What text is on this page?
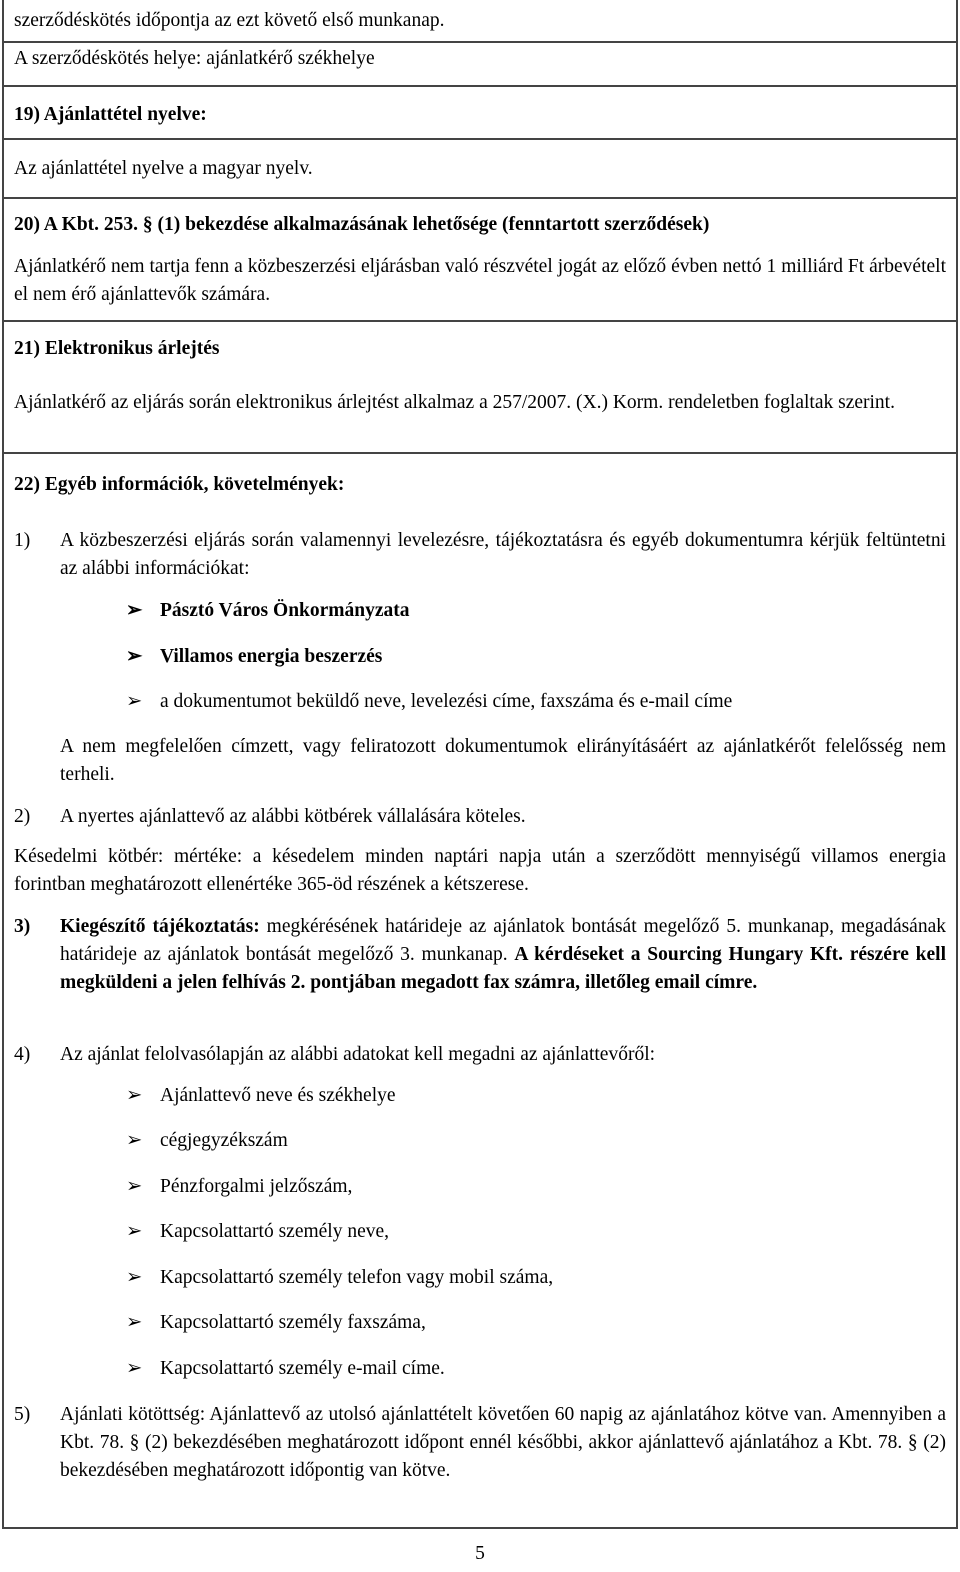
szerződéskötés időpontja az ezt követő első munkanap.
A szerződéskötés helye: ajánlatkérő székhelye
19) Ajánlattétel nyelve:
Az ajánlattétel nyelve a magyar nyelv.
20) A Kbt. 253. § (1) bekezdése alkalmazásának lehetősége (fenntartott szerződések)
Ajánlatkérő nem tartja fenn a közbeszerzési eljárásban való részvétel jogát az előző évben nettó 1 milliárd Ft árbevételt el nem érő ajánlattevők számára.
21) Elektronikus árlejtés
Ajánlatkérő az eljárás során elektronikus árlejtést alkalmaz a 257/2007. (X.) Korm. rendeletben foglaltak szerint.
22) Egyéb információk, követelmények:
1) A közbeszerzési eljárás során valamennyi levelezésre, tájékoztatásra és egyéb dokumentumra kérjük feltüntetni az alábbi információkat:
➢ Pásztó Város Önkormányzata
➢ Villamos energia beszerzés
➢ a dokumentumot beküldő neve, levelezési címe, faxszáma és e-mail címe
A nem megfelelően címzett, vagy feliratozott dokumentumok elirányításáért az ajánlatkérőt felelősség nem terheli.
2) A nyertes ajánlattevő az alábbi kötbérek vállalására köteles.
Késedelmi kötbér: mértéke: a késedelem minden naptári napja után a szerződött mennyiségű villamos energia forintban meghatározott ellenértéke 365-öd részének a kétszerese.
3) Kiegészítő tájékoztatás: megkérésének határideje az ajánlatok bontását megelőző 5. munkanap, megadásának határideje az ajánlatok bontását megelőző 3. munkanap. A kérdéseket a Sourcing Hungary Kft. részére kell megküldeni a jelen felhívás 2. pontjában megadott fax számra, illetőleg email címre.
4) Az ajánlat felolvasólapján az alábbi adatokat kell megadni az ajánlattevőről:
➢ Ajánlattevő neve és székhelye
➢ cégjegyzékszám
➢ Pénzforgalmi jelzőszám,
➢ Kapcsolattartó személy neve,
➢ Kapcsolattartó személy telefon vagy mobil száma,
➢ Kapcsolattartó személy faxszáma,
➢ Kapcsolattartó személy e-mail címe.
5) Ajánlati kötöttség: Ajánlattevő az utolsó ajánlattételt követően 60 napig az ajánlatához kötve van. Amennyiben a Kbt. 78. § (2) bekezdésében meghatározott időpont ennél későbbi, akkor ajánlattevő ajánlatához a Kbt. 78. § (2) bekezdésében meghatározott időpontig van kötve.
5
